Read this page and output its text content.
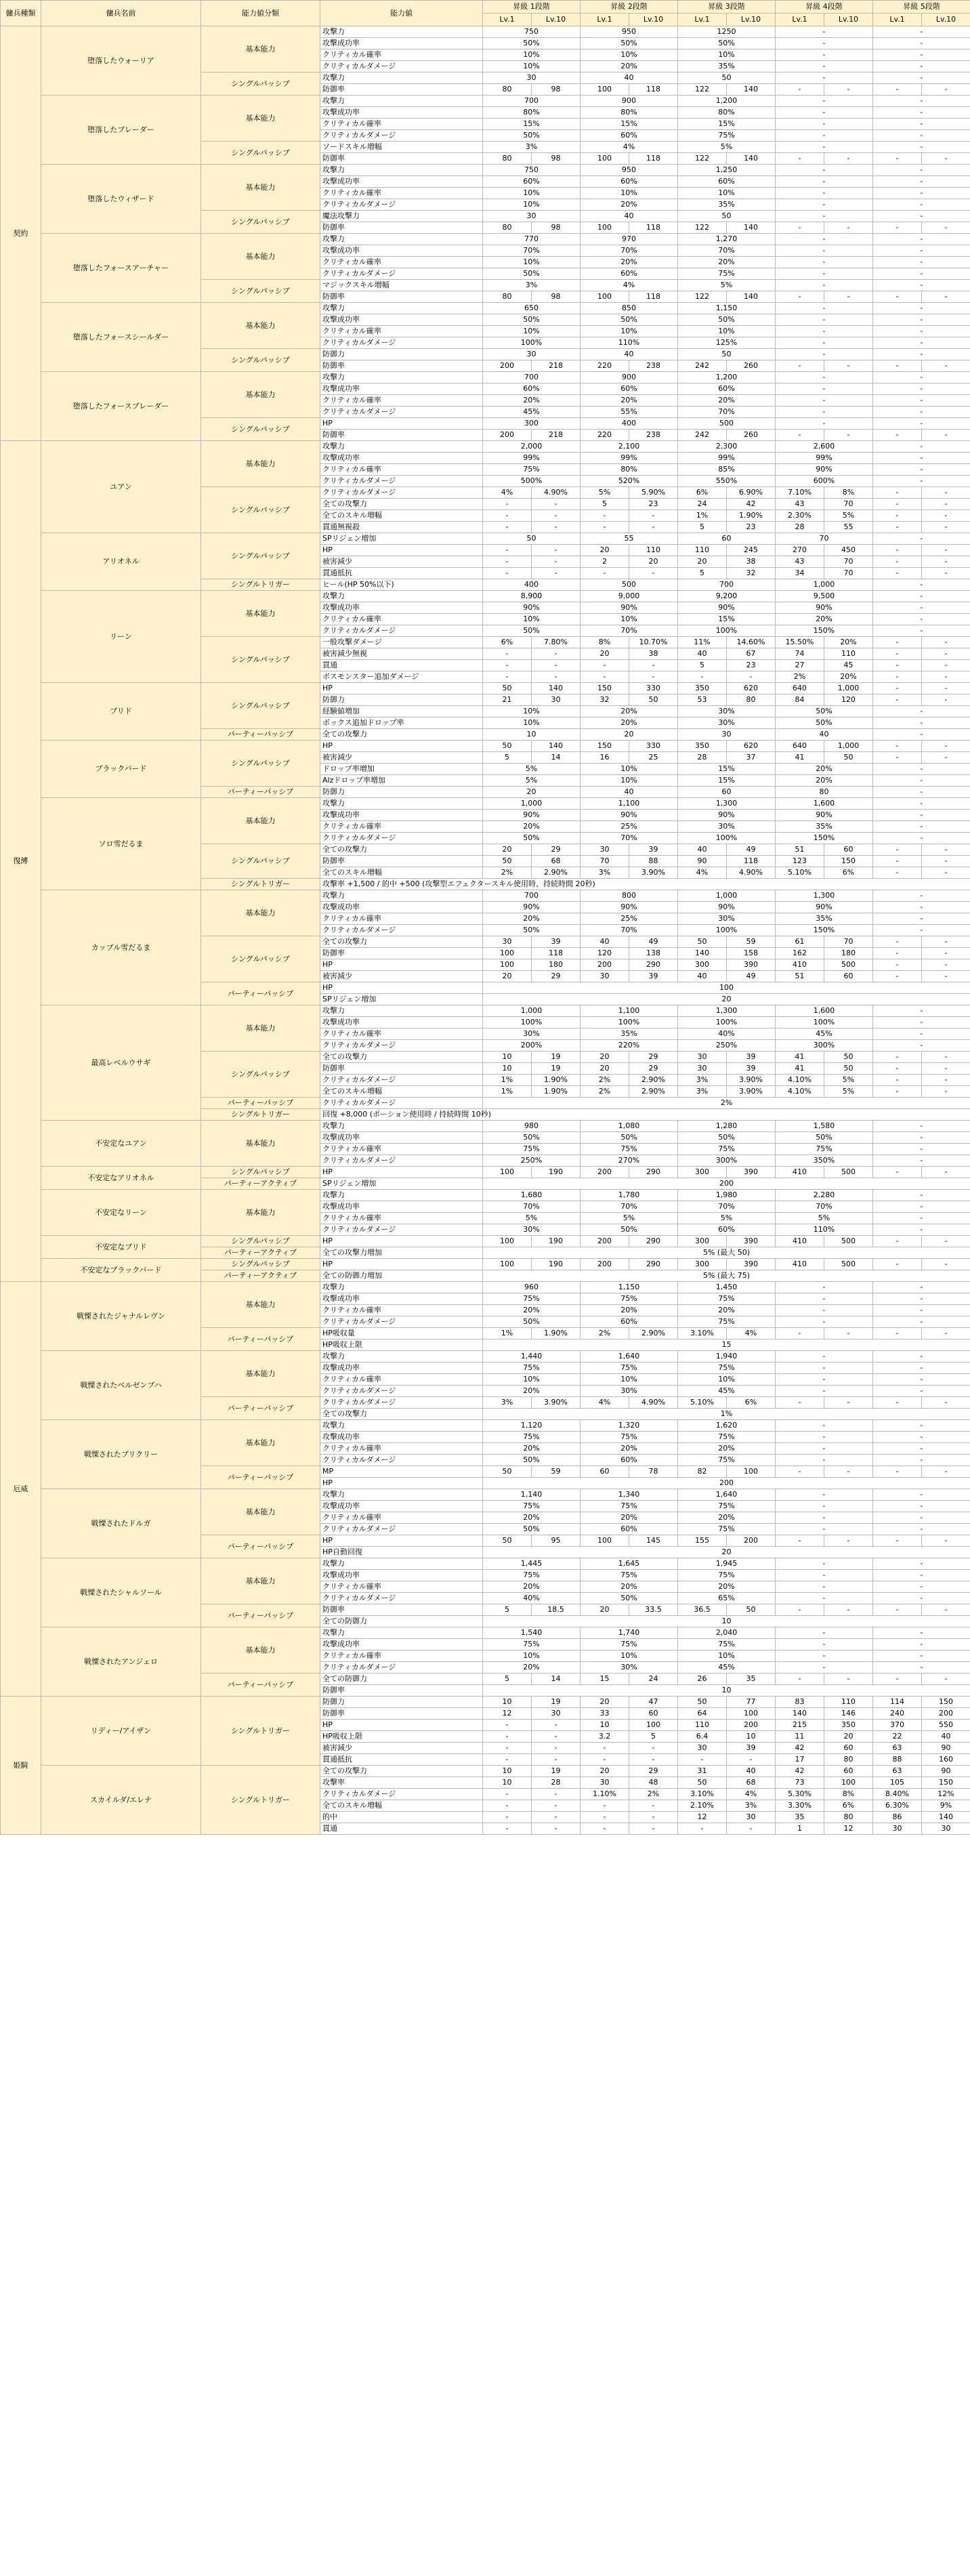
傭兵種類	傭兵名前	能力値分類	能力値	昇級 1段階		昇級 2段階		昇級 3段階		昇級 4段階		昇級 5段階	
				Lv.1	Lv.10	Lv.1	Lv.10	Lv.1	Lv.10	Lv.1	Lv.10	Lv.1	Lv.10
契約	堕落したウォーリア	基本能力	攻撃力	750		950		1250		-		-	
			攻撃成功率	50%		50%		50%		-		-	
			クリティカル確率	10%		10%		10%		-		-	
			クリティカルダメージ	10%		20%		35%		-		-	
		シングルパッシブ	攻撃力	30		40		50		-		-	
			防御率	80	98	100	118	122	140	-	-	-	-
	堕落したブレーダー	基本能力	攻撃力	700		900		1,200		-		-	
			攻撃成功率	80%		80%		80%		-		-	
			クリティカル確率	15%		15%		15%		-		-	
			クリティカルダメージ	50%		60%		75%		-		-	
		シングルパッシブ	ソードスキル増幅	3%		4%		5%		-		-	
			防御率	80	98	100	118	122	140	-	-	-	-
	堕落したウィザード	基本能力	攻撃力	750		950		1,250		-		-	
			攻撃成功率	60%		60%		60%		-		-	
			クリティカル確率	10%		10%		10%		-		-	
			クリティカルダメージ	10%		20%		35%		-		-	
		シングルパッシブ	魔法攻撃力	30		40		50		-		-	
			防御率	80	98	100	118	122	140	-	-	-	-
	堕落したフォースアーチャー	基本能力	攻撃力	770		970		1,270		-		-	
			攻撃成功率	70%		70%		70%		-		-	
			クリティカル確率	10%		20%		20%		-		-	
			クリティカルダメージ	50%		60%		75%		-		-	
		シングルパッシブ	マジックスキル増幅	3%		4%		5%		-		-	
			防御率	80	98	100	118	122	140	-	-	-	-
	堕落したフォースシールダー	基本能力	攻撃力	650		850		1,150		-		-	
			攻撃成功率	50%		50%		50%		-		-	
			クリティカル確率	10%		10%		10%		-		-	
			クリティカルダメージ	100%		110%		125%		-		-	
		シングルパッシブ	防御力	30		40		50		-		-	
			防御率	200	218	220	238	242	260	-	-	-	-
	堕落したフォースブレーダー	基本能力	攻撃力	700		900		1,200		-		-	
			攻撃成功率	60%		60%		60%		-		-	
			クリティカル確率	20%		20%		20%		-		-	
			クリティカルダメージ	45%		55%		70%		-		-	
		シングルパッシブ	HP	300		400		500		-		-	
			防御率	200	218	220	238	242	260	-	-	-	-
復縛	ユアン	基本能力	攻撃力	2,000		2,100		2,300		2,600		-	
			攻撃成功率	99%		99%		99%		99%		-	
			クリティカル確率	75%		80%		85%		90%		-	
			クリティカルダメージ	500%		520%		550%		600%		-	
		シングルパッシブ	クリティカルダメージ	4%	4.90%	5%	5.90%	6%	6.90%	7.10%	8%	-	-
			全ての攻撃力	-	-	5	23	24	42	43	70	-	-
			全てのスキル増幅	-	-	-	-	1%	1.90%	2.30%	5%	-	-
			貫通無視殺	-	-	-	-	5	23	28	55	-	-
	アリオネル	シングルパッシブ	SPリジェン増加	50		55		60		70		-	
			HP	-	-	20	110	110	245	270	450	-	-
			被害減少	-	-	2	20	20	38	43	70	-	-
			貫通抵抗	-	-	-	-	5	32	34	70	-	-
		シングルトリガー	ヒール(HP 50%以下)	400		500		700		1,000		-	
	リーン	基本能力	攻撃力	8,900		9,000		9,200		9,500		-	
			攻撃成功率	90%		90%		90%		90%		-	
			クリティカル確率	10%		10%		15%		20%		-	
			クリティカルダメージ	50%		70%		100%		150%		-	
		シングルパッシブ	一般攻撃ダメージ	6%	7.80%	8%	10.70%	11%	14.60%	15.50%	20%	-	-
			被害減少無視	-	-	20	38	40	67	74	110	-	-
			貫通	-	-	-	-	5	23	27	45	-	-
			ボスモンスター追加ダメージ	-	-	-	-	-	-	2%	20%	-	-
	ブリド	シングルパッシブ	HP	50	140	150	330	350	620	640	1,000	-	-
			防御力	21	30	32	50	53	80	84	120	-	-
			経験値増加	10%		20%		30%		50%		-	
			ボックス追加ドロップ率	10%		20%		30%		50%		-	
		パーティーパッシブ	全ての攻撃力	10		20		30		40		-	
	ブラックバード	シングルパッシブ	HP	50	140	150	330	350	620	640	1,000	-	-
			被害減少	5	14	16	25	28	37	41	50	-	-
			ドロップ率増加	5%		10%		15%		20%		-	
			Alzドロップ率増加	5%		10%		15%		20%		-	
		パーティーパッシブ	防御力	20		40		60		80		-	
	ソロ雪だるま	基本能力	攻撃力	1,000		1,100		1,300		1,600		-	
			攻撃成功率	90%		90%		90%		90%		-	
			クリティカル確率	20%		25%		30%		35%		-	
			クリティカルダメージ	50%		70%		100%		150%		-	
		シングルパッシブ	全ての攻撃力	20	29	30	39	40	49	51	60	-	-
			防御率	50	68	70	88	90	118	123	150	-	-
			全てのスキル増幅	2%	2.90%	3%	3.90%	4%	4.90%	5.10%	6%	-	-
		シングルトリガー	攻撃率 +1,500 / 的中 +500 (攻撃型エフェクタースキル使用時、持続時間 20秒)										
	カップル雪だるま	基本能力	攻撃力	700		800		1,000		1,300		-	
			攻撃成功率	90%		90%		90%		90%		-	
			クリティカル確率	20%		25%		30%		35%		-	
			クリティカルダメージ	50%		70%		100%		150%		-	
		シングルパッシブ	全ての攻撃力	30	39	40	49	50	59	61	70	-	-
			防御率	100	118	120	138	140	158	162	180	-	-
			HP	100	180	200	290	300	390	410	500	-	-
			被害減少	20	29	30	39	40	49	51	60	-	-
		パーティーパッシブ	HP	100									
			SPリジェン増加	20									
	最高レベルウサギ	基本能力	攻撃力	1,000		1,100		1,300		1,600		-	
			攻撃成功率	100%		100%		100%		100%		-	
			クリティカル確率	30%		35%		40%		45%		-	
			クリティカルダメージ	200%		220%		250%		300%		-	
		シングルパッシブ	全ての攻撃力	10	19	20	29	30	39	41	50	-	-
			防御率	10	19	20	29	30	39	41	50	-	-
			クリティカルダメージ	1%	1.90%	2%	2.90%	3%	3.90%	4.10%	5%	-	-
			全てのスキル増幅	1%	1.90%	2%	2.90%	3%	3.90%	4.10%	5%	-	-
		パーティーパッシブ	クリティカルダメージ	2%									
		シングルトリガー	回復 +8,000 (ポーション使用時 / 持続時間 10秒)										
	不安定なユアン	基本能力	攻撃力	980		1,080		1,280		1,580		-	
			攻撃成功率	50%		50%		50%		50%		-	
			クリティカル確率	75%		75%		75%		75%		-	
			クリティカルダメージ	250%		270%		300%		350%		-	
	不安定なアリオネル	シングルパッシブ	HP	100	190	200	290	300	390	410	500	-	-
		パーティーアクティブ	SPリジェン増加	200									
	不安定なリーン	基本能力	攻撃力	1,680		1,780		1,980		2,280		-	
			攻撃成功率	70%		70%		70%		70%		-	
			クリティカル確率	5%		5%		5%		5%		-	
			クリティカルダメージ	30%		50%		60%		110%		-	
	不安定なブリド	シングルパッシブ	HP	100	190	200	290	300	390	410	500	-	-
		パーティーアクティブ	全ての攻撃力増加	5% (最大 50)									
	不安定なブラックバード	シングルパッシブ	HP	100	190	200	290	300	390	410	500	-	-
		パーティーアクティブ	全ての防御力増加	5% (最大 75)									
厄威	戦慄されたジャナルレヴン	基本能力	攻撃力	960		1,150		1,450		-		-	
			攻撃成功率	75%		75%		75%		-		-	
			クリティカル確率	20%		20%		20%		-		-	
			クリティカルダメージ	50%		60%		75%		-		-	
		パーティーパッシブ	HP吸収量	1%	1.90%	2%	2.90%	3.10%	4%	-	-	-	-
			HP吸収上限	15									
	戦慄されたベルゼンブハ	基本能力	攻撃力	1,440		1,640		1,940		-		-	
			攻撃成功率	75%		75%		75%		-		-	
			クリティカル確率	10%		10%		10%		-		-	
			クリティカルダメージ	20%		30%		45%		-		-	
		パーティーパッシブ	クリティカルダメージ	3%	3.90%	4%	4.90%	5.10%	6%	-	-	-	-
			全ての攻撃力	1%									
	戦慄されたブリクリー	基本能力	攻撃力	1,120		1,320		1,620		-		-	
			攻撃成功率	75%		75%		75%		-		-	
			クリティカル確率	20%		20%		20%		-		-	
			クリティカルダメージ	50%		60%		75%		-		-	
		パーティーパッシブ	MP	50	59	60	78	82	100	-	-	-	-
			HP	200									
	戦慄されたドルガ	基本能力	攻撃力	1,140		1,340		1,640		-		-	
			攻撃成功率	75%		75%		75%		-		-	
			クリティカル確率	20%		20%		20%		-		-	
			クリティカルダメージ	50%		60%		75%		-		-	
		パーティーパッシブ	HP	50	95	100	145	155	200	-	-	-	-
			HP自動回復	20									
	戦慄されたシャルソール	基本能力	攻撃力	1,445		1,645		1,945		-		-	
			攻撃成功率	75%		75%		75%		-		-	
			クリティカル確率	20%		20%		20%		-		-	
			クリティカルダメージ	40%		50%		65%		-		-	
		パーティーパッシブ	防御率	5	18.5	20	33.5	36.5	50	-	-	-	-
			全ての防御力	10									
	戦慄されたアンジェロ	基本能力	攻撃力	1,540		1,740		2,040		-		-	
			攻撃成功率	75%		75%		75%		-		-	
			クリティカル確率	10%		10%		10%		-		-	
			クリティカルダメージ	20%		30%		45%		-		-	
		パーティーパッシブ	全ての防御力	5	14	15	24	26	35	-	-	-	-
			防御率	10									
姫騎	リディー/アイザン	シングルトリガー	防御力	10	19	20	47	50	77	83	110	114	150
			防御率	12	30	33	60	64	100	140	146	240	200
			HP	-	-	10	100	110	200	215	350	370	550
			HP吸収上限	-	-	3.2	5	6.4	10	11	20	22	40
			被害減少	-	-	-	-	30	39	42	60	63	90
			貫通抵抗	-	-	-	-	-	-	17	80	88	160
	スカイルダ/エレナ	シングルトリガー	全ての攻撃力	10	19	20	29	31	40	42	60	63	90
			攻撃率	10	28	30	48	50	68	73	100	105	150
			クリティカルダメージ	-	-	1.10%	2%	3.10%	4%	5.30%	8%	8.40%	12%
			全てのスキル増幅	-	-	-	-	2.10%	3%	3.30%	6%	6.30%	9%
			的中	-	-	-	-	12	30	35	80	86	140
			貫通	-	-	-	-	-	-	1	12	30	30
